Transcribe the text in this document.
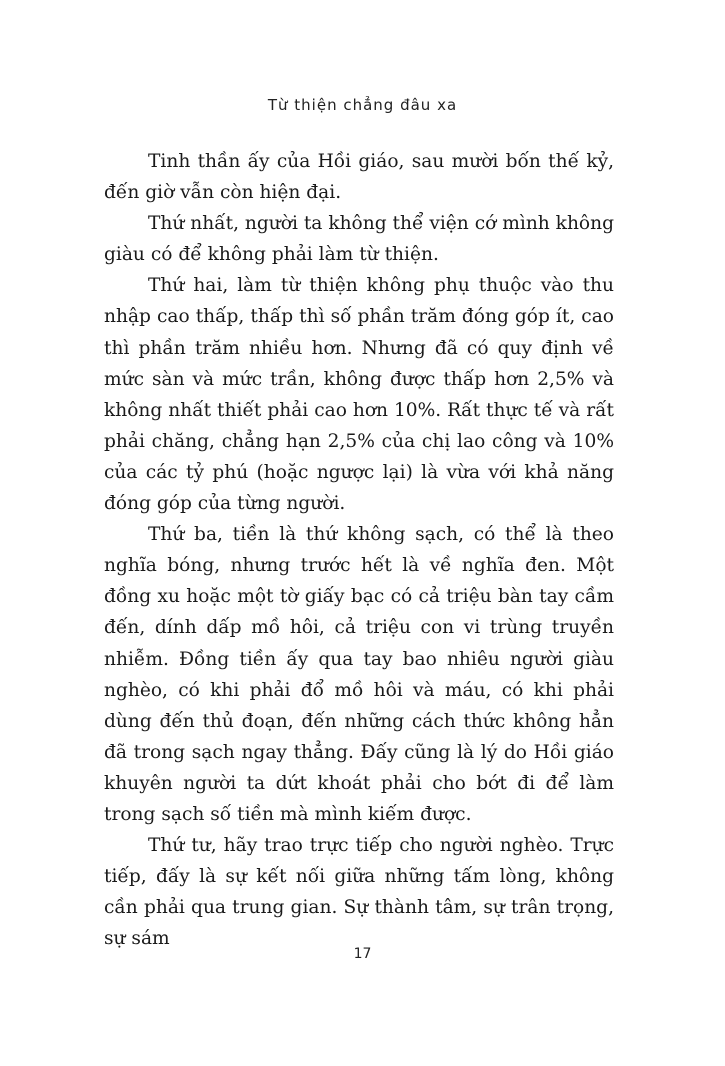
Từ thiện chẳng đâu xa

Tinh thần ấy của Hồi giáo, sau mười bốn thế kỷ, đến giờ vẫn còn hiện đại.

Thứ nhất, người ta không thể viện cớ mình không giàu có để không phải làm từ thiện.

Thứ hai, làm từ thiện không phụ thuộc vào thu nhập cao thấp, thấp thì số phần trăm đóng góp ít, cao thì phần trăm nhiều hơn. Nhưng đã có quy định về mức sàn và mức trần, không được thấp hơn 2,5% và không nhất thiết phải cao hơn 10%. Rất thực tế và rất phải chăng, chẳng hạn 2,5% của chị lao công và 10% của các tỷ phú (hoặc ngược lại) là vừa với khả năng đóng góp của từng người.

Thứ ba, tiền là thứ không sạch, có thể là theo nghĩa bóng, nhưng trước hết là về nghĩa đen. Một đồng xu hoặc một tờ giấy bạc có cả triệu bàn tay cầm đến, dính dấp mồ hôi, cả triệu con vi trùng truyền nhiễm. Đồng tiền ấy qua tay bao nhiêu người giàu nghèo, có khi phải đổ mồ hôi và máu, có khi phải dùng đến thủ đoạn, đến những cách thức không hẳn đã trong sạch ngay thẳng. Đấy cũng là lý do Hồi giáo khuyên người ta dứt khoát phải cho bớt đi để làm trong sạch số tiền mà mình kiếm được.

Thứ tư, hãy trao trực tiếp cho người nghèo. Trực tiếp, đấy là sự kết nối giữa những tấm lòng, không cần phải qua trung gian. Sự thành tâm, sự trân trọng, sự sám

17
